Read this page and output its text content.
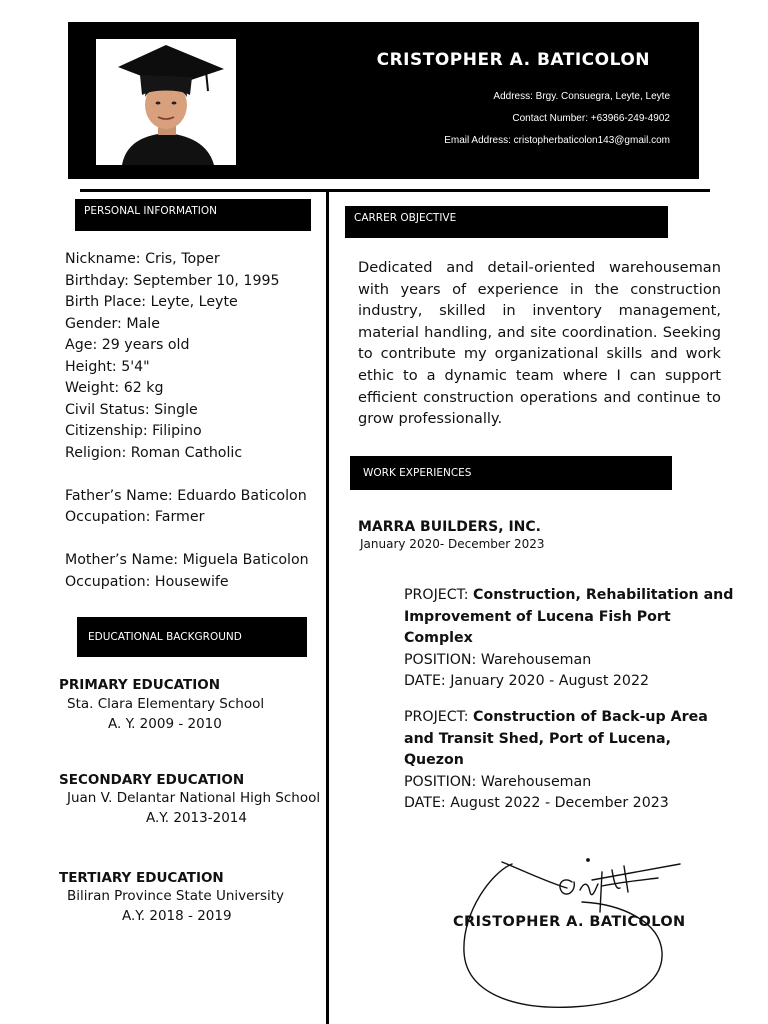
CRISTOPHER A. BATICOLON
Address: Brgy. Consuegra, Leyte, Leyte
Contact Number: +63966-249-4902
Email Address: cristopherbaticolon143@gmail.com
PERSONAL INFORMATION
Nickname: Cris, Toper
Birthday: September 10, 1995
Birth Place: Leyte, Leyte
Gender: Male
Age: 29 years old
Height: 5'4"
Weight: 62 kg
Civil Status: Single
Citizenship: Filipino
Religion: Roman Catholic
Father’s Name: Eduardo Baticolon
Occupation: Farmer
Mother’s Name: Miguela Baticolon
Occupation: Housewife
EDUCATIONAL BACKGROUND
PRIMARY EDUCATION
Sta. Clara Elementary School
A. Y. 2009 - 2010
SECONDARY EDUCATION
Juan V. Delantar National High School
A.Y. 2013-2014
TERTIARY EDUCATION
Biliran Province State University
A.Y. 2018 - 2019
CARRER OBJECTIVE
Dedicated and detail-oriented warehouseman with years of experience in the construction industry, skilled in inventory management, material handling, and site coordination. Seeking to contribute my organizational skills and work ethic to a dynamic team where I can support efficient construction operations and continue to grow professionally.
WORK EXPERIENCES
MARRA BUILDERS, INC.
January 2020- December 2023
PROJECT: Construction, Rehabilitation and Improvement of Lucena Fish Port Complex
POSITION: Warehouseman
DATE: January 2020 - August 2022
PROJECT: Construction of Back-up Area and Transit Shed, Port of Lucena, Quezon
POSITION: Warehouseman
DATE: August 2022 - December 2023
CRISTOPHER A. BATICOLON
